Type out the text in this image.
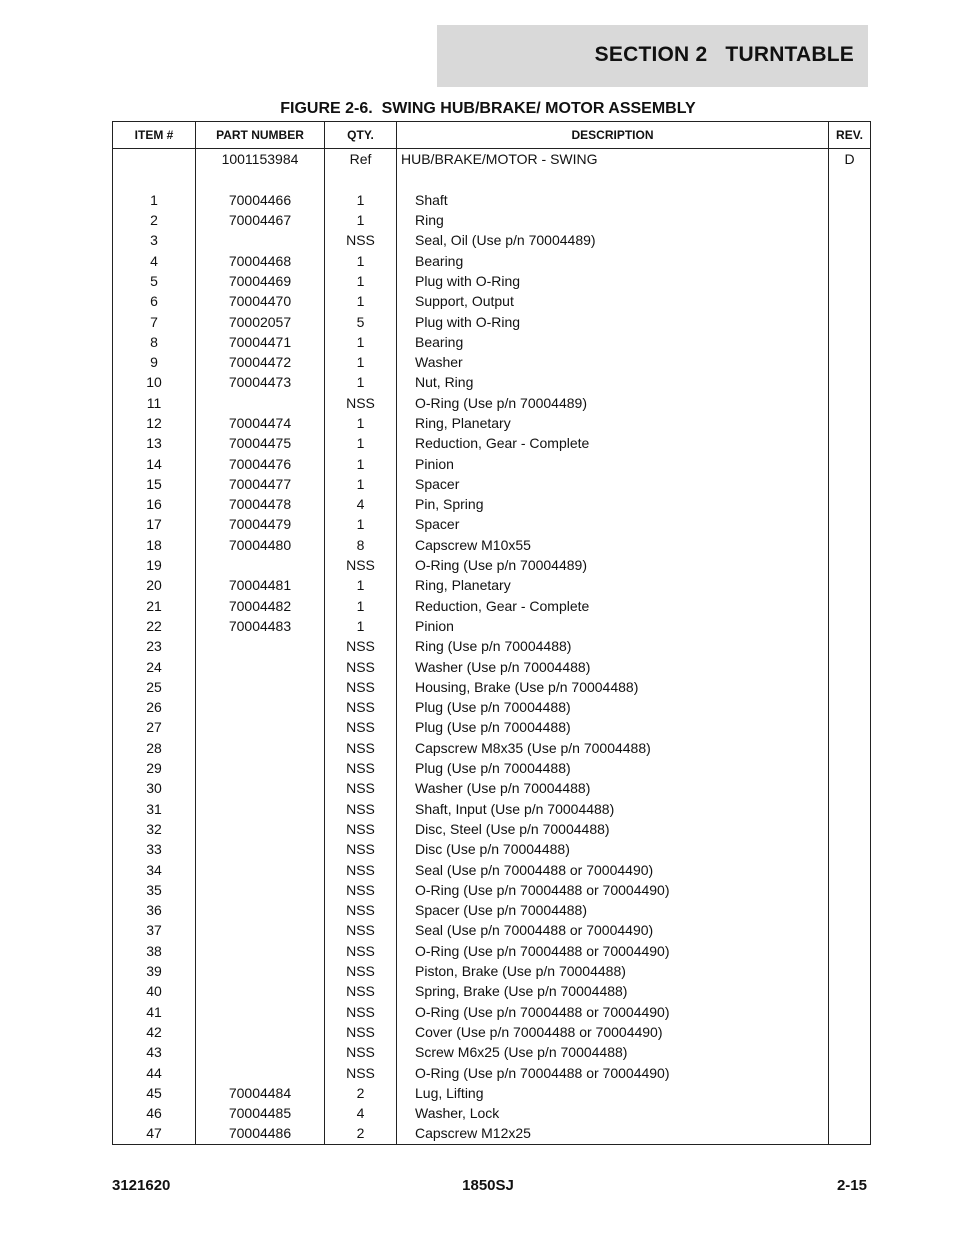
SECTION 2   TURNTABLE
FIGURE 2-6.  SWING HUB/BRAKE/ MOTOR ASSEMBLY
ITEM #	PART NUMBER	QTY.	DESCRIPTION	REV.
	1001153984	Ref	HUB/BRAKE/MOTOR - SWING	D

1	70004466	1	Shaft	
2	70004467	1	Ring	
3		NSS	Seal, Oil (Use p/n 70004489)	
4	70004468	1	Bearing	
5	70004469	1	Plug with O-Ring	
6	70004470	1	Support, Output	
7	70002057	5	Plug with O-Ring	
8	70004471	1	Bearing	
9	70004472	1	Washer	
10	70004473	1	Nut, Ring	
11		NSS	O-Ring (Use p/n 70004489)	
12	70004474	1	Ring, Planetary	
13	70004475	1	Reduction, Gear - Complete	
14	70004476	1	Pinion	
15	70004477	1	Spacer	
16	70004478	4	Pin, Spring	
17	70004479	1	Spacer	
18	70004480	8	Capscrew M10x55	
19		NSS	O-Ring (Use p/n 70004489)	
20	70004481	1	Ring, Planetary	
21	70004482	1	Reduction, Gear - Complete	
22	70004483	1	Pinion	
23		NSS	Ring (Use p/n 70004488)	
24		NSS	Washer (Use p/n 70004488)	
25		NSS	Housing, Brake (Use p/n 70004488)	
26		NSS	Plug (Use p/n 70004488)	
27		NSS	Plug (Use p/n 70004488)	
28		NSS	Capscrew M8x35 (Use p/n 70004488)	
29		NSS	Plug (Use p/n 70004488)	
30		NSS	Washer (Use p/n 70004488)	
31		NSS	Shaft, Input (Use p/n 70004488)	
32		NSS	Disc, Steel (Use p/n 70004488)	
33		NSS	Disc (Use p/n 70004488)	
34		NSS	Seal (Use p/n 70004488 or 70004490)	
35		NSS	O-Ring (Use p/n 70004488 or 70004490)	
36		NSS	Spacer (Use p/n 70004488)	
37		NSS	Seal (Use p/n 70004488 or 70004490)	
38		NSS	O-Ring (Use p/n 70004488 or 70004490)	
39		NSS	Piston, Brake (Use p/n 70004488)	
40		NSS	Spring, Brake (Use p/n 70004488)	
41		NSS	O-Ring (Use p/n 70004488 or 70004490)	
42		NSS	Cover (Use p/n 70004488 or 70004490)	
43		NSS	Screw M6x25 (Use p/n 70004488)	
44		NSS	O-Ring (Use p/n 70004488 or 70004490)	
45	70004484	2	Lug, Lifting	
46	70004485	4	Washer, Lock	
47	70004486	2	Capscrew M12x25	
3121620	1850SJ	2-15
